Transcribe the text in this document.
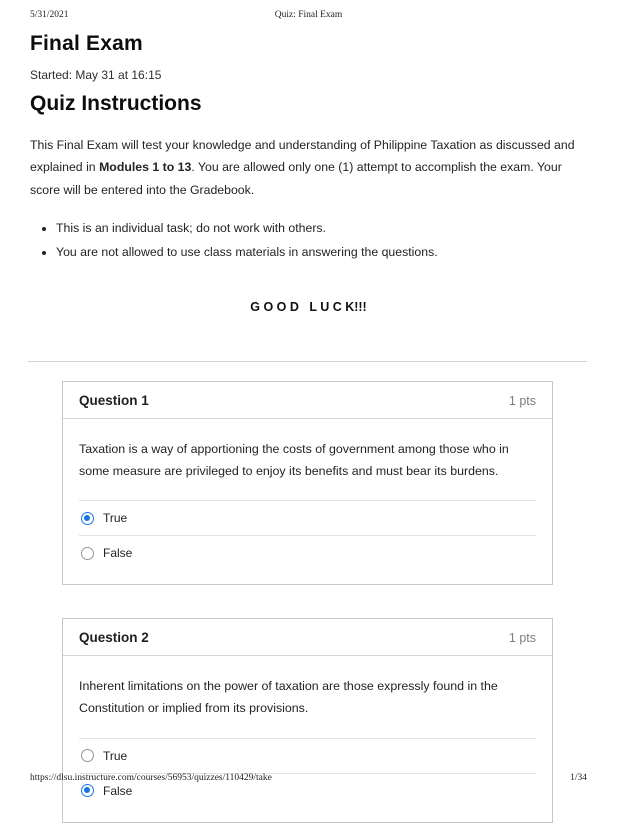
5/31/2021	Quiz: Final Exam
Final Exam
Started: May 31 at 16:15
Quiz Instructions

This Final Exam will test your knowledge and understanding of Philippine Taxation as discussed and explained in Modules 1 to 13. You are allowed only one (1) attempt to accomplish the exam. Your score will be entered into the Gradebook.

• This is an individual task; do not work with others.
• You are not allowed to use class materials in answering the questions.
G O O D   L U C K!!!
Question 1	1 pts
Taxation is a way of apportioning the costs of government among those who in some measure are privileged to enjoy its benefits and must bear its burdens.
True
False
Question 2	1 pts
Inherent limitations on the power of taxation are those expressly found in the Constitution or implied from its provisions.
True
False
https://dlsu.instructure.com/courses/56953/quizzes/110429/take	1/34
